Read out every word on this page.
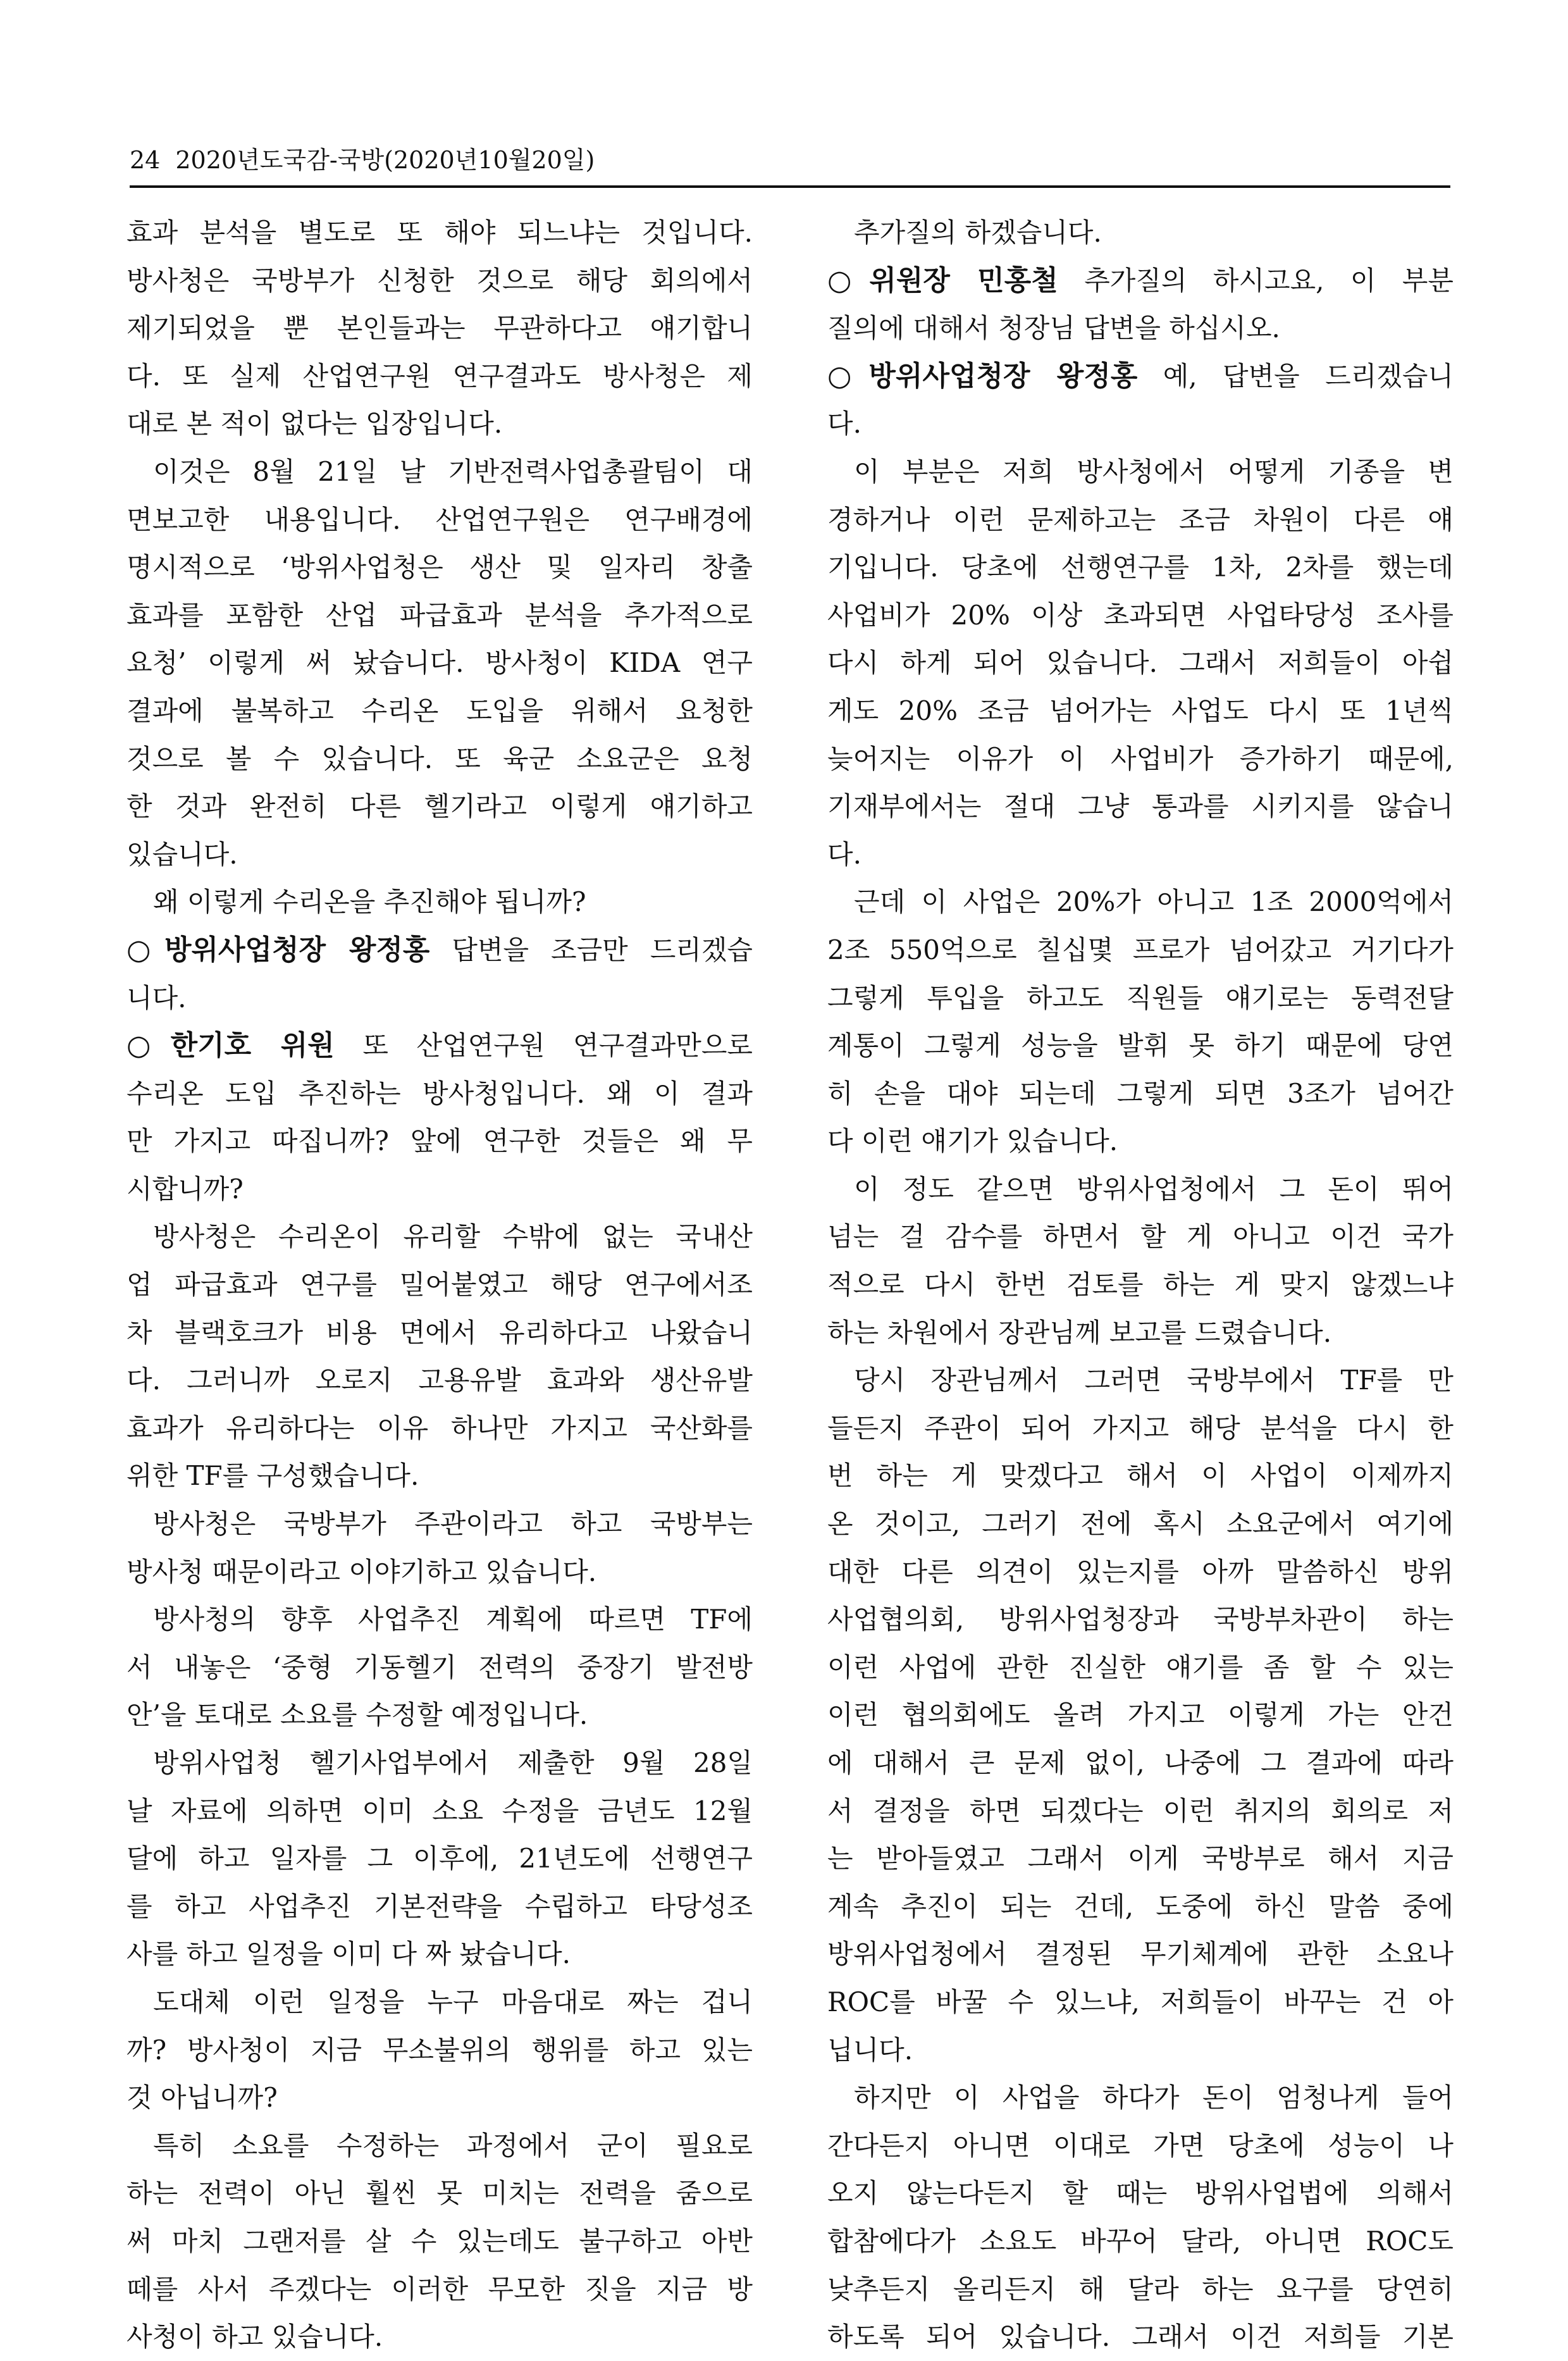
24 2020년도국감-국방(2020년10월20일)
효과 분석을 별도로 또 해야 되느냐는 것입니다.
방사청은 국방부가 신청한 것으로 해당 회의에서
제기되었을 뿐 본인들과는 무관하다고 얘기합니
다. 또 실제 산업연구원 연구결과도 방사청은 제
대로 본 적이 없다는 입장입니다.
이것은 8월 21일 날 기반전력사업총괄팀이 대
면보고한 내용입니다. 산업연구원은 연구배경에
명시적으로 ‘방위사업청은 생산 및 일자리 창출
효과를 포함한 산업 파급효과 분석을 추가적으로
요청’ 이렇게 써 놨습니다. 방사청이 KIDA 연구
결과에 불복하고 수리온 도입을 위해서 요청한
것으로 볼 수 있습니다. 또 육군 소요군은 요청
한 것과 완전히 다른 헬기라고 이렇게 얘기하고
있습니다.
왜 이렇게 수리온을 추진해야 됩니까?
○방위사업청장 왕정홍 답변을 조금만 드리겠습
니다.
○한기호 위원 또 산업연구원 연구결과만으로
수리온 도입 추진하는 방사청입니다. 왜 이 결과
만 가지고 따집니까? 앞에 연구한 것들은 왜 무
시합니까?
방사청은 수리온이 유리할 수밖에 없는 국내산
업 파급효과 연구를 밀어붙였고 해당 연구에서조
차 블랙호크가 비용 면에서 유리하다고 나왔습니
다. 그러니까 오로지 고용유발 효과와 생산유발
효과가 유리하다는 이유 하나만 가지고 국산화를
위한 TF를 구성했습니다.
방사청은 국방부가 주관이라고 하고 국방부는
방사청 때문이라고 이야기하고 있습니다.
방사청의 향후 사업추진 계획에 따르면 TF에
서 내놓은 ‘중형 기동헬기 전력의 중장기 발전방
안’을 토대로 소요를 수정할 예정입니다.
방위사업청 헬기사업부에서 제출한 9월 28일
날 자료에 의하면 이미 소요 수정을 금년도 12월
달에 하고 일자를 그 이후에, 21년도에 선행연구
를 하고 사업추진 기본전략을 수립하고 타당성조
사를 하고 일정을 이미 다 짜 놨습니다.
도대체 이런 일정을 누구 마음대로 짜는 겁니
까? 방사청이 지금 무소불위의 행위를 하고 있는
것 아닙니까?
특히 소요를 수정하는 과정에서 군이 필요로
하는 전력이 아닌 훨씬 못 미치는 전력을 줌으로
써 마치 그랜저를 살 수 있는데도 불구하고 아반
떼를 사서 주겠다는 이러한 무모한 짓을 지금 방
사청이 하고 있습니다.
추가질의 하겠습니다.
○위원장 민홍철 추가질의 하시고요, 이 부분
질의에 대해서 청장님 답변을 하십시오.
○방위사업청장 왕정홍 예, 답변을 드리겠습니
다.
이 부분은 저희 방사청에서 어떻게 기종을 변
경하거나 이런 문제하고는 조금 차원이 다른 얘
기입니다. 당초에 선행연구를 1차, 2차를 했는데
사업비가 20% 이상 초과되면 사업타당성 조사를
다시 하게 되어 있습니다. 그래서 저희들이 아쉽
게도 20% 조금 넘어가는 사업도 다시 또 1년씩
늦어지는 이유가 이 사업비가 증가하기 때문에,
기재부에서는 절대 그냥 통과를 시키지를 않습니
다.
근데 이 사업은 20%가 아니고 1조 2000억에서
2조 550억으로 칠십몇 프로가 넘어갔고 거기다가
그렇게 투입을 하고도 직원들 얘기로는 동력전달
계통이 그렇게 성능을 발휘 못 하기 때문에 당연
히 손을 대야 되는데 그렇게 되면 3조가 넘어간
다 이런 얘기가 있습니다.
이 정도 같으면 방위사업청에서 그 돈이 뛰어
넘는 걸 감수를 하면서 할 게 아니고 이건 국가
적으로 다시 한번 검토를 하는 게 맞지 않겠느냐
하는 차원에서 장관님께 보고를 드렸습니다.
당시 장관님께서 그러면 국방부에서 TF를 만
들든지 주관이 되어 가지고 해당 분석을 다시 한
번 하는 게 맞겠다고 해서 이 사업이 이제까지
온 것이고, 그러기 전에 혹시 소요군에서 여기에
대한 다른 의견이 있는지를 아까 말씀하신 방위
사업협의회, 방위사업청장과 국방부차관이 하는
이런 사업에 관한 진실한 얘기를 좀 할 수 있는
이런 협의회에도 올려 가지고 이렇게 가는 안건
에 대해서 큰 문제 없이, 나중에 그 결과에 따라
서 결정을 하면 되겠다는 이런 취지의 회의로 저
는 받아들였고 그래서 이게 국방부로 해서 지금
계속 추진이 되는 건데, 도중에 하신 말씀 중에
방위사업청에서 결정된 무기체계에 관한 소요나
ROC를 바꿀 수 있느냐, 저희들이 바꾸는 건 아
닙니다.
하지만 이 사업을 하다가 돈이 엄청나게 들어
간다든지 아니면 이대로 가면 당초에 성능이 나
오지 않는다든지 할 때는 방위사업법에 의해서
합참에다가 소요도 바꾸어 달라, 아니면 ROC도
낮추든지 올리든지 해 달라 하는 요구를 당연히
하도록 되어 있습니다. 그래서 이건 저희들 기본
